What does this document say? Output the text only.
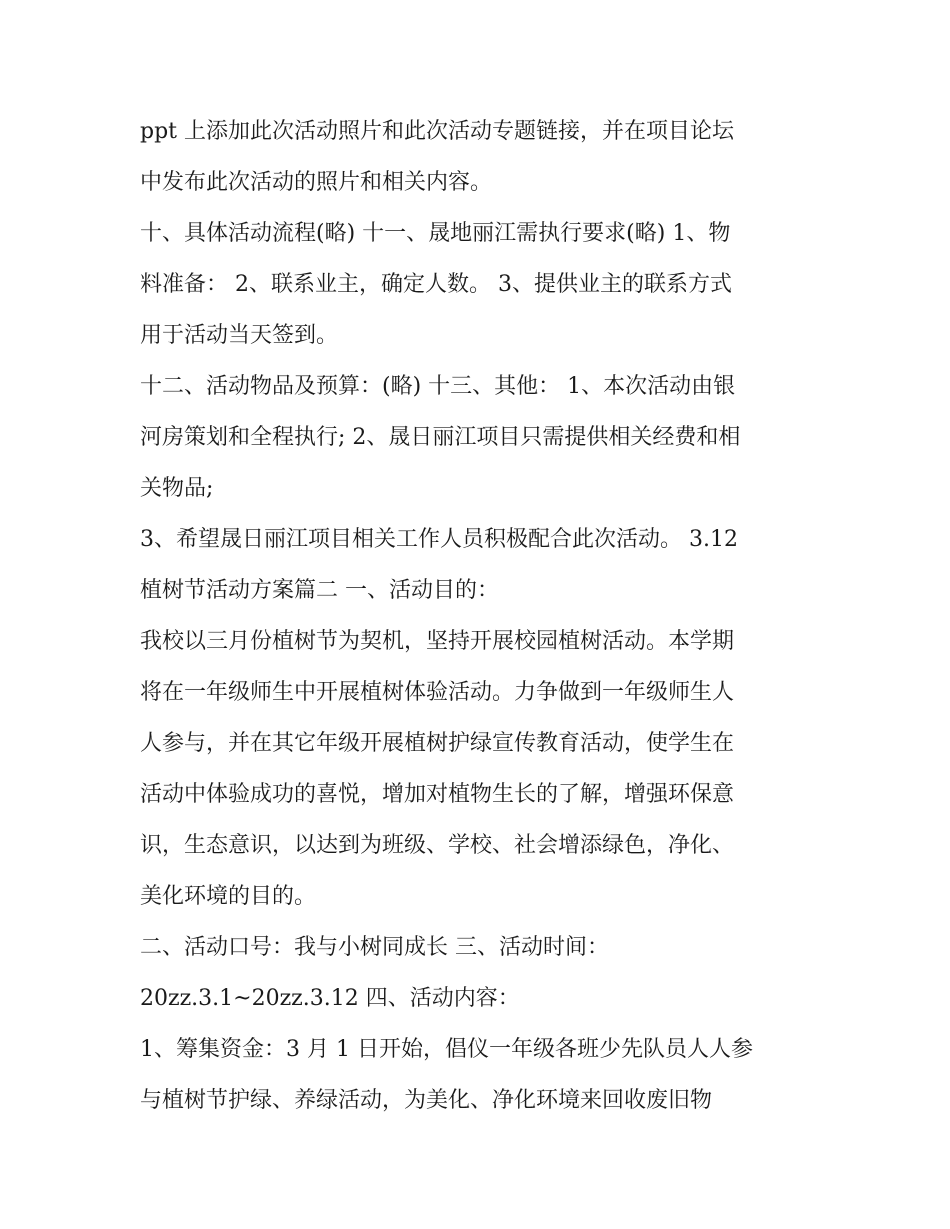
ppt 上添加此次活动照片和此次活动专题链接，并在项目论坛
中发布此次活动的照片和相关内容。
十、具体活动流程(略) 十一、晟地丽江需执行要求(略) 1、物
料准备： 2、联系业主，确定人数。 3、提供业主的联系方式
用于活动当天签到。
十二、活动物品及预算：(略) 十三、其他： 1、本次活动由银
河房策划和全程执行; 2、晟日丽江项目只需提供相关经费和相
关物品;
3、希望晟日丽江项目相关工作人员积极配合此次活动。 3.12
植树节活动方案篇二 一、活动目的：
我校以三月份植树节为契机，坚持开展校园植树活动。本学期
将在一年级师生中开展植树体验活动。力争做到一年级师生人
人参与，并在其它年级开展植树护绿宣传教育活动，使学生在
活动中体验成功的喜悦，增加对植物生长的了解，增强环保意
识，生态意识，以达到为班级、学校、社会增添绿色，净化、
美化环境的目的。
二、活动口号：我与小树同成长 三、活动时间：
20zz.3.1~20zz.3.12 四、活动内容：
1、筹集资金：3 月 1 日开始，倡仪一年级各班少先队员人人参
与植树节护绿、养绿活动，为美化、净化环境来回收废旧物
